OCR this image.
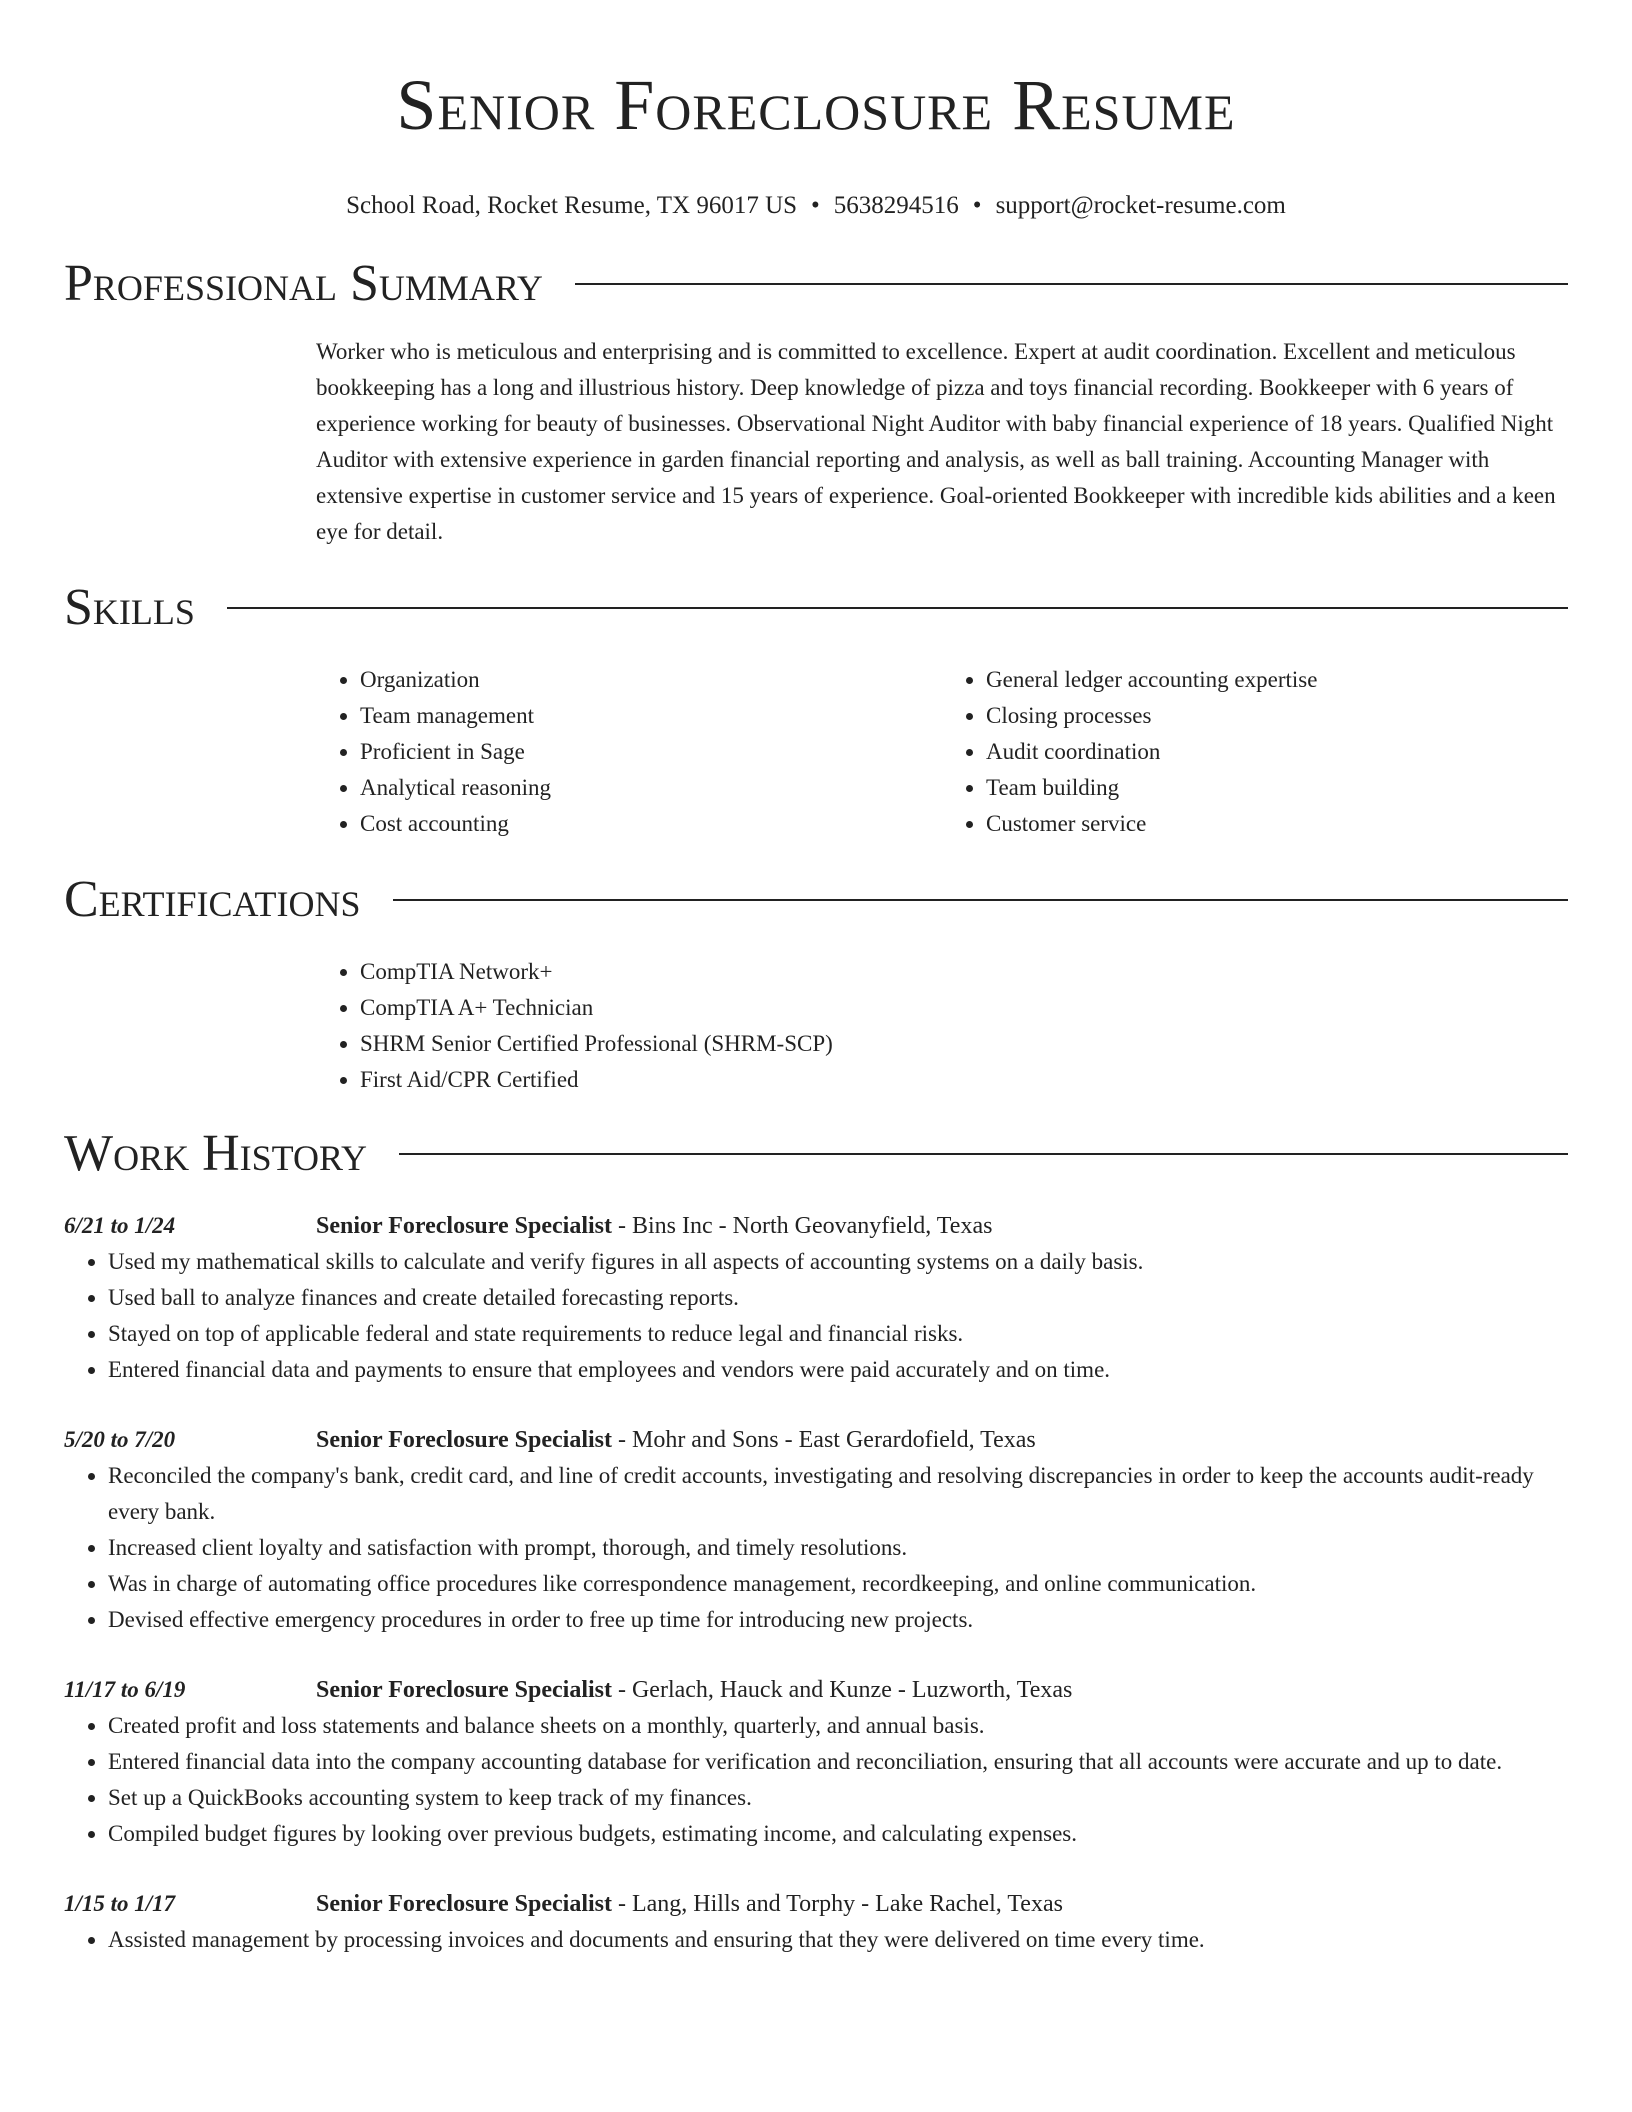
Senior Foreclosure Resume
School Road, Rocket Resume, TX 96017 US • 5638294516 • support@rocket-resume.com
Professional Summary

Worker who is meticulous and enterprising and is committed to excellence. Expert at audit coordination. Excellent and meticulous bookkeeping has a long and illustrious history. Deep knowledge of pizza and toys financial recording. Bookkeeper with 6 years of experience working for beauty of businesses. Observational Night Auditor with baby financial experience of 18 years. Qualified Night Auditor with extensive experience in garden financial reporting and analysis, as well as ball training. Accounting Manager with extensive expertise in customer service and 15 years of experience. Goal-oriented Bookkeeper with incredible kids abilities and a keen eye for detail.

Skills
• Organization
• Team management
• Proficient in Sage
• Analytical reasoning
• Cost accounting
• General ledger accounting expertise
• Closing processes
• Audit coordination
• Team building
• Customer service
Certifications
• CompTIA Network+
• CompTIA A+ Technician
• SHRM Senior Certified Professional (SHRM-SCP)
• First Aid/CPR Certified
Work History
6/21 to 1/24	Senior Foreclosure Specialist - Bins Inc - North Geovanyfield, Texas
• Used my mathematical skills to calculate and verify figures in all aspects of accounting systems on a daily basis.
• Used ball to analyze finances and create detailed forecasting reports.
• Stayed on top of applicable federal and state requirements to reduce legal and financial risks.
• Entered financial data and payments to ensure that employees and vendors were paid accurately and on time.
5/20 to 7/20	Senior Foreclosure Specialist - Mohr and Sons - East Gerardofield, Texas
• Reconciled the company's bank, credit card, and line of credit accounts, investigating and resolving discrepancies in order to keep the accounts audit-ready every bank.
• Increased client loyalty and satisfaction with prompt, thorough, and timely resolutions.
• Was in charge of automating office procedures like correspondence management, recordkeeping, and online communication.
• Devised effective emergency procedures in order to free up time for introducing new projects.
11/17 to 6/19	Senior Foreclosure Specialist - Gerlach, Hauck and Kunze - Luzworth, Texas
• Created profit and loss statements and balance sheets on a monthly, quarterly, and annual basis.
• Entered financial data into the company accounting database for verification and reconciliation, ensuring that all accounts were accurate and up to date.
• Set up a QuickBooks accounting system to keep track of my finances.
• Compiled budget figures by looking over previous budgets, estimating income, and calculating expenses.
1/15 to 1/17	Senior Foreclosure Specialist - Lang, Hills and Torphy - Lake Rachel, Texas
• Assisted management by processing invoices and documents and ensuring that they were delivered on time every time.
